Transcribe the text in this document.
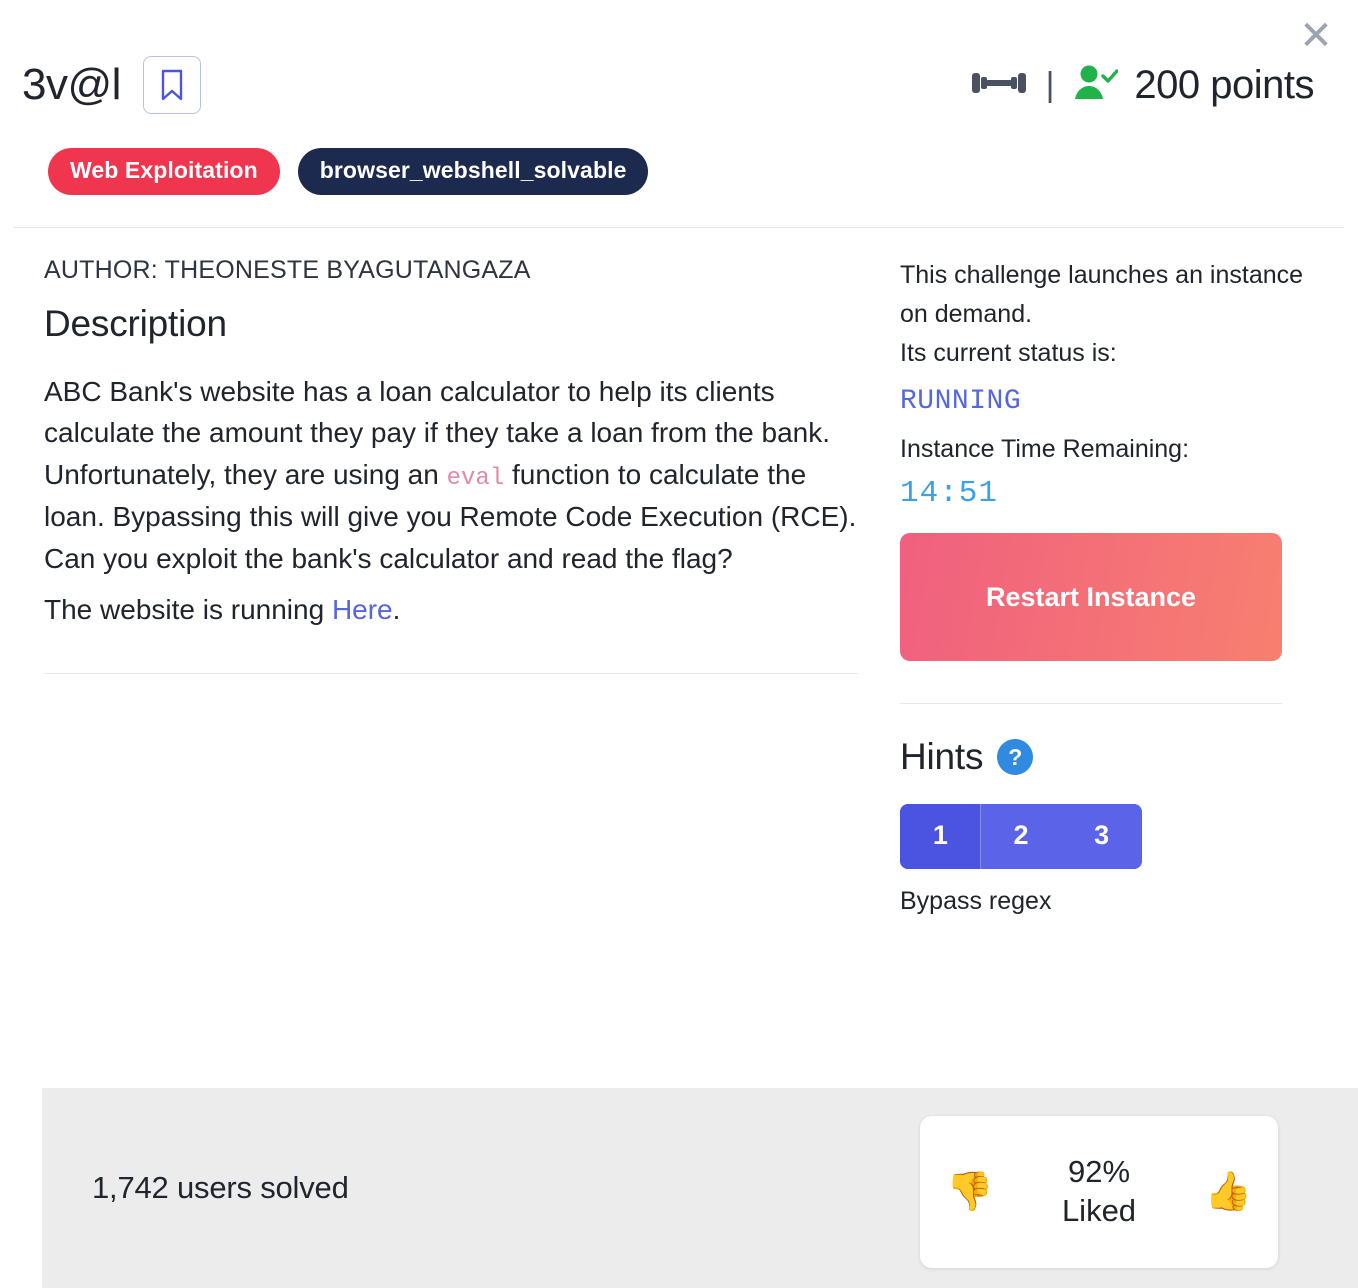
✕
3v@l	| 200 points
Web Exploitation	browser_webshell_solvable

AUTHOR: THEONESTE BYAGUTANGAZA

Description
ABC Bank's website has a loan calculator to help its clients calculate the amount they pay if they take a loan from the bank. Unfortunately, they are using an eval function to calculate the loan. Bypassing this will give you Remote Code Execution (RCE). Can you exploit the bank's calculator and read the flag?
The website is running Here.

This challenge launches an instance on demand.

Its current status is:

RUNNING

Instance Time Remaining:

14:51
Restart Instance
Hints	?
1	2	3

Bypass regex

1,742 users solved	👎	92%
Liked	👍
